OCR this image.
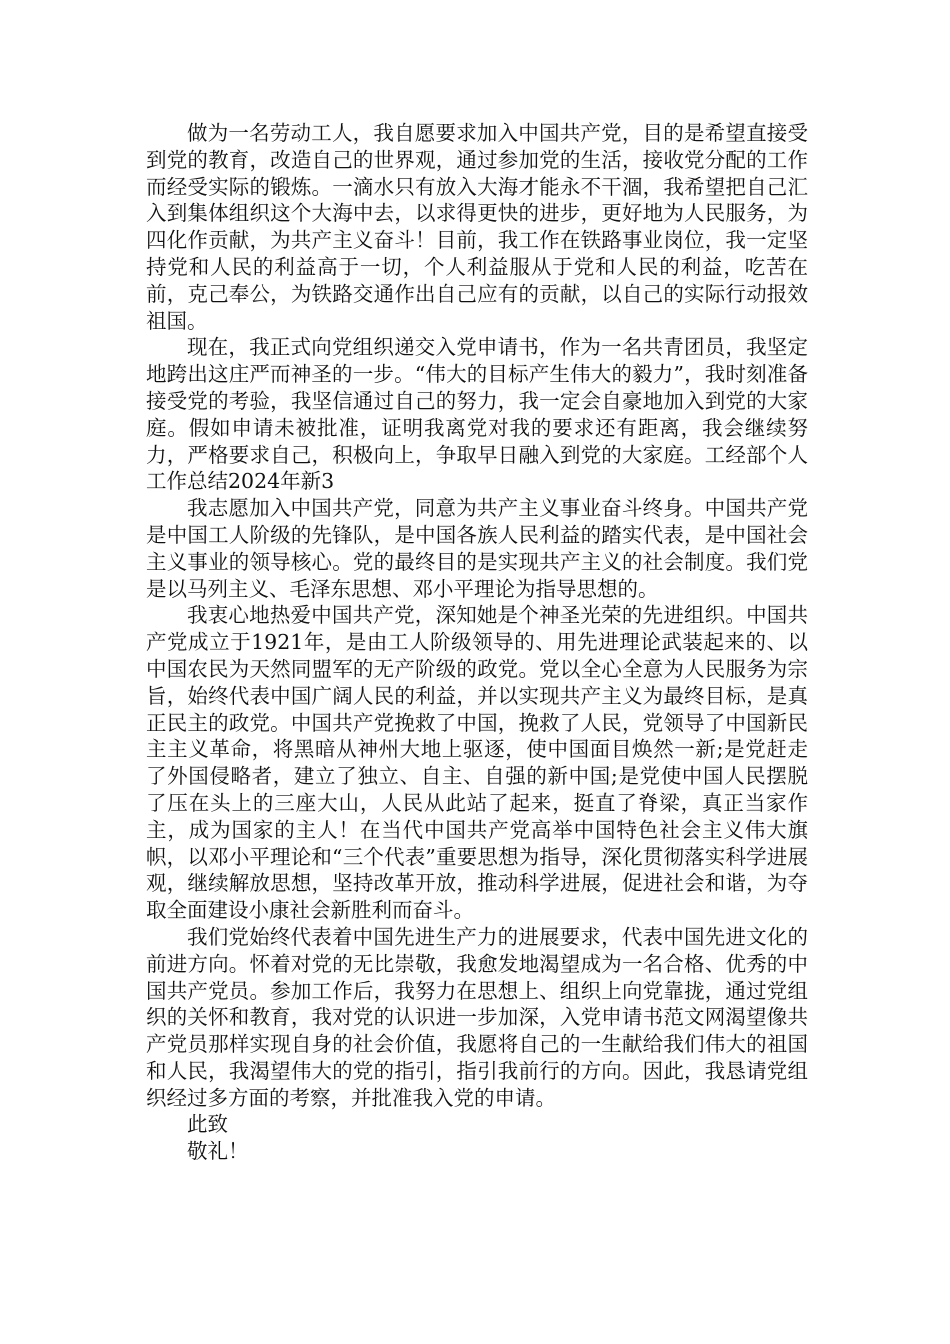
做为一名劳动工人，我自愿要求加入中国共产党，目的是希望直接受到党的教育，改造自己的世界观，通过参加党的生活，接收党分配的工作而经受实际的锻炼。一滴水只有放入大海才能永不干涸，我希望把自己汇入到集体组织这个大海中去，以求得更快的进步，更好地为人民服务，为四化作贡献，为共产主义奋斗！目前，我工作在铁路事业岗位，我一定坚持党和人民的利益高于一切，个人利益服从于党和人民的利益，吃苦在前，克己奉公，为铁路交通作出自己应有的贡献，以自己的实际行动报效祖国。

现在，我正式向党组织递交入党申请书，作为一名共青团员，我坚定地跨出这庄严而神圣的一步。“伟大的目标产生伟大的毅力”，我时刻准备接受党的考验，我坚信通过自己的努力，我一定会自豪地加入到党的大家庭。假如申请未被批准，证明我离党对我的要求还有距离，我会继续努力，严格要求自己，积极向上，争取早日融入到党的大家庭。工经部个人工作总结2024年新3

我志愿加入中国共产党，同意为共产主义事业奋斗终身。中国共产党是中国工人阶级的先锋队，是中国各族人民利益的踏实代表，是中国社会主义事业的领导核心。党的最终目的是实现共产主义的社会制度。我们党是以马列主义、毛泽东思想、邓小平理论为指导思想的。

我衷心地热爱中国共产党，深知她是个神圣光荣的先进组织。中国共产党成立于1921年，是由工人阶级领导的、用先进理论武装起来的、以中国农民为天然同盟军的无产阶级的政党。党以全心全意为人民服务为宗旨，始终代表中国广阔人民的利益，并以实现共产主义为最终目标，是真正民主的政党。中国共产党挽救了中国，挽救了人民，党领导了中国新民主主义革命，将黑暗从神州大地上驱逐，使中国面目焕然一新;是党赶走了外国侵略者，建立了独立、自主、自强的新中国;是党使中国人民摆脱了压在头上的三座大山，人民从此站了起来，挺直了脊梁，真正当家作主，成为国家的主人！在当代中国共产党高举中国特色社会主义伟大旗帜，以邓小平理论和“三个代表”重要思想为指导，深化贯彻落实科学进展观，继续解放思想，坚持改革开放，推动科学进展，促进社会和谐，为夺取全面建设小康社会新胜利而奋斗。

我们党始终代表着中国先进生产力的进展要求，代表中国先进文化的前进方向。怀着对党的无比崇敬，我愈发地渴望成为一名合格、优秀的中国共产党员。参加工作后，我努力在思想上、组织上向党靠拢，通过党组织的关怀和教育，我对党的认识进一步加深，入党申请书范文网渴望像共产党员那样实现自身的社会价值，我愿将自己的一生献给我们伟大的祖国和人民，我渴望伟大的党的指引，指引我前行的方向。因此，我恳请党组织经过多方面的考察，并批准我入党的申请。

此致

敬礼！
